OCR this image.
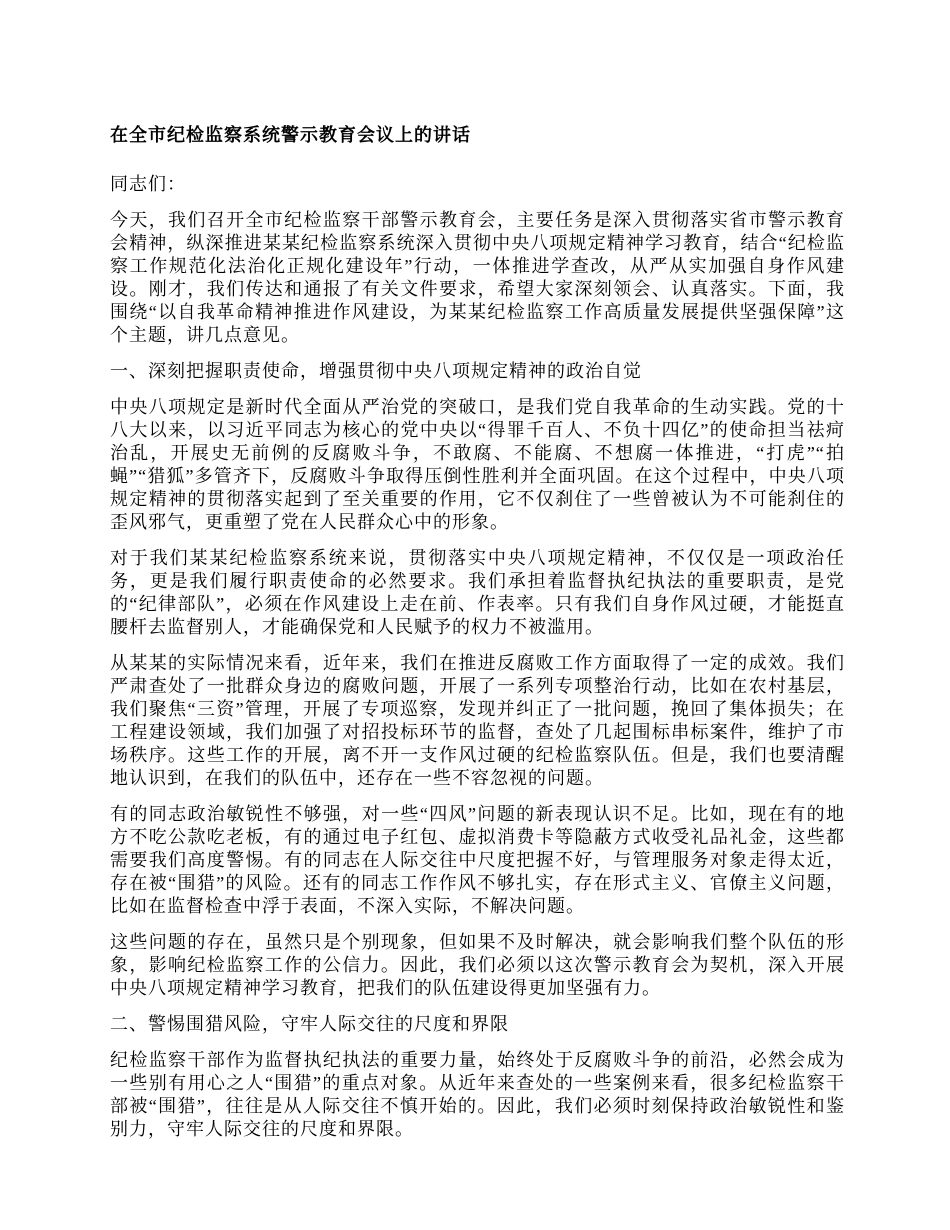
在全市纪检监察系统警示教育会议上的讲话

同志们：

今天，我们召开全市纪检监察干部警示教育会，主要任务是深入贯彻落实省市警示教育会精神，纵深推进某某纪检监察系统深入贯彻中央八项规定精神学习教育，结合“纪检监察工作规范化法治化正规化建设年”行动，一体推进学查改，从严从实加强自身作风建设。刚才，我们传达和通报了有关文件要求，希望大家深刻领会、认真落实。下面，我围绕“以自我革命精神推进作风建设，为某某纪检监察工作高质量发展提供坚强保障”这个主题，讲几点意见。

一、深刻把握职责使命，增强贯彻中央八项规定精神的政治自觉

中央八项规定是新时代全面从严治党的突破口，是我们党自我革命的生动实践。党的十八大以来，以习近平同志为核心的党中央以“得罪千百人、不负十四亿”的使命担当祛疴治乱，开展史无前例的反腐败斗争，不敢腐、不能腐、不想腐一体推进，“打虎”“拍蝇”“猎狐”多管齐下，反腐败斗争取得压倒性胜利并全面巩固。在这个过程中，中央八项规定精神的贯彻落实起到了至关重要的作用，它不仅刹住了一些曾被认为不可能刹住的歪风邪气，更重塑了党在人民群众心中的形象。

对于我们某某纪检监察系统来说，贯彻落实中央八项规定精神，不仅仅是一项政治任务，更是我们履行职责使命的必然要求。我们承担着监督执纪执法的重要职责，是党的“纪律部队”，必须在作风建设上走在前、作表率。只有我们自身作风过硬，才能挺直腰杆去监督别人，才能确保党和人民赋予的权力不被滥用。

从某某的实际情况来看，近年来，我们在推进反腐败工作方面取得了一定的成效。我们严肃查处了一批群众身边的腐败问题，开展了一系列专项整治行动，比如在农村基层，我们聚焦“三资”管理，开展了专项巡察，发现并纠正了一批问题，挽回了集体损失；在工程建设领域，我们加强了对招投标环节的监督，查处了几起围标串标案件，维护了市场秩序。这些工作的开展，离不开一支作风过硬的纪检监察队伍。但是，我们也要清醒地认识到，在我们的队伍中，还存在一些不容忽视的问题。

有的同志政治敏锐性不够强，对一些“四风”问题的新表现认识不足。比如，现在有的地方不吃公款吃老板，有的通过电子红包、虚拟消费卡等隐蔽方式收受礼品礼金，这些都需要我们高度警惕。有的同志在人际交往中尺度把握不好，与管理服务对象走得太近，存在被“围猎”的风险。还有的同志工作作风不够扎实，存在形式主义、官僚主义问题，比如在监督检查中浮于表面，不深入实际，不解决问题。

这些问题的存在，虽然只是个别现象，但如果不及时解决，就会影响我们整个队伍的形象，影响纪检监察工作的公信力。因此，我们必须以这次警示教育会为契机，深入开展中央八项规定精神学习教育，把我们的队伍建设得更加坚强有力。

二、警惕围猎风险，守牢人际交往的尺度和界限

纪检监察干部作为监督执纪执法的重要力量，始终处于反腐败斗争的前沿，必然会成为一些别有用心之人“围猎”的重点对象。从近年来查处的一些案例来看，很多纪检监察干部被“围猎”，往往是从人际交往不慎开始的。因此，我们必须时刻保持政治敏锐性和鉴别力，守牢人际交往的尺度和界限。
